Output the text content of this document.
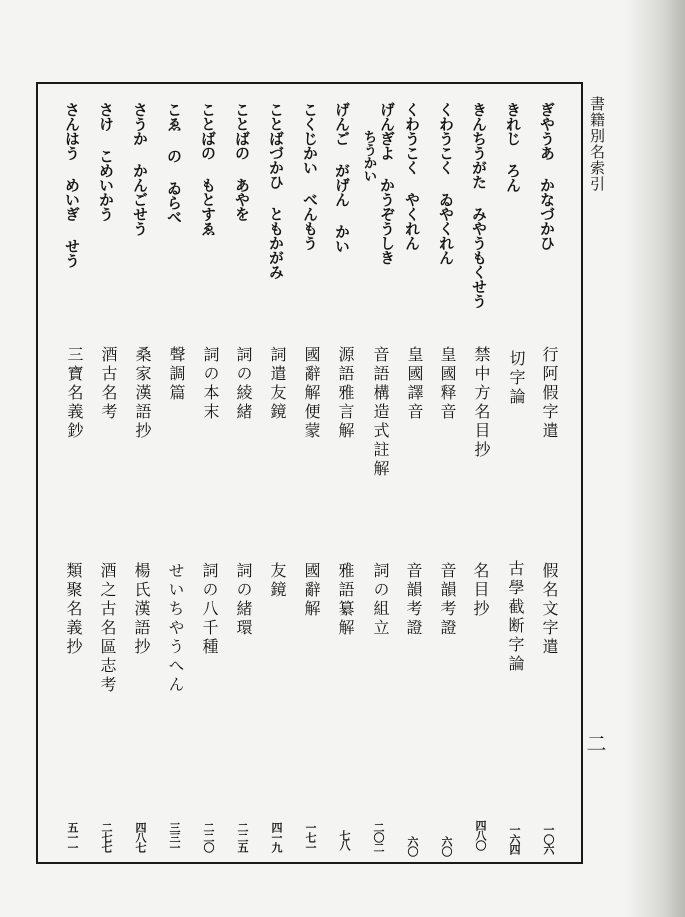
書籍別名索引
二
ぎやうあ かなづかひ
行阿假字遣
假名文字遣
一〇六
きれじ ろん
切字論
古學截断字論
一六四
きんちうがた みやうもくせう
禁中方名目抄
名目抄
四八〇
くわうこく ゐやくれん
皇國释音
音韻考證
六〇
くわうこく やくれん
皇國譯音
音韻考證
六〇
げんぎよ かうぞうしき
ちうかい
音語構造式註解
詞の組立
二〇二
げんご がげん かい
源語雅言解
雅語纂解
七八
こくじかい べんもう
國辭解便蒙
國辭解
一七一
ことばづかひ ともかがみ
詞遣友鏡
友鏡
四一九
ことばの あやを
詞の綾緒
詞の緒環
二二五
ことばの もとすゑ
詞の本末
詞の八千種
二二〇
こゑ の ゐらべ
聲調篇
せいちやうへん
三三一
さうか かんごせう
桑家漢語抄
楊氏漢語抄
四八七
さけ こめいかう
酒古名考
酒之古名區志考
二七七
さんはう めいぎ せう
三寶名義鈔
類聚名義抄
五一一
